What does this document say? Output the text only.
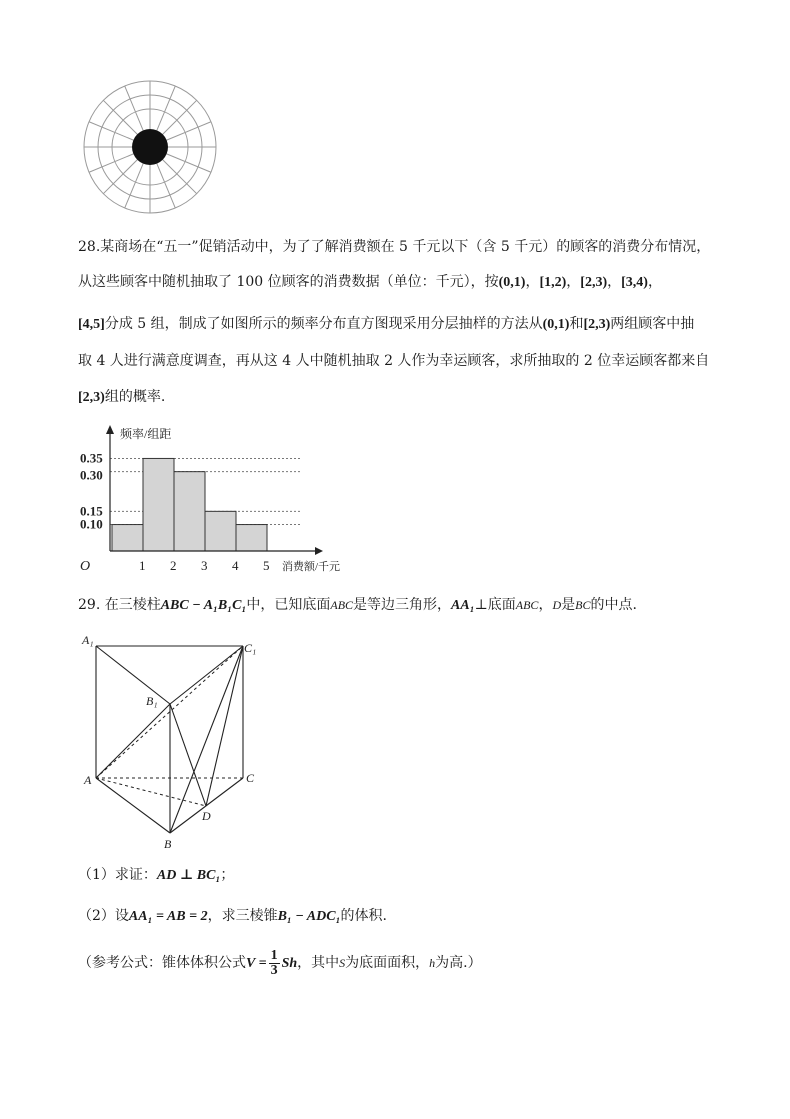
28.某商场在“五一”促销活动中，为了了解消费额在 5 千元以下（含 5 千元）的顾客的消费分布情况，
从这些顾客中随机抽取了 100 位顾客的消费数据（单位：千元），按(0,1)，[1,2)，[2,3)，[3,4)，
[4,5]分成 5 组，制成了如图所示的频率分布直方图现采用分层抽样的方法从(0,1)和[2,3)两组顾客中抽
取 4 人进行满意度调查，再从这 4 人中随机抽取 2 人作为幸运顾客，求所抽取的 2 位幸运顾客都来自
[2,3)组的概率.
频率/组距
消费额/千元
O
0.10
0.15
0.30
0.35
1 2 3 4 5
29. 在三棱柱ABC − A₁B₁C₁中，已知底面ABC是等边三角形，AA₁⊥底面ABC，D是BC的中点.
A₁
C₁
B₁
A	C
D
B
（1）求证：AD ⊥ BC₁；
（2）设AA₁ = AB = 2，求三棱锥B₁ − ADC₁的体积.
（参考公式：锥体体积公式$V = \frac{1}{3}$ Sh，其中S为底面面积，h为高.）
